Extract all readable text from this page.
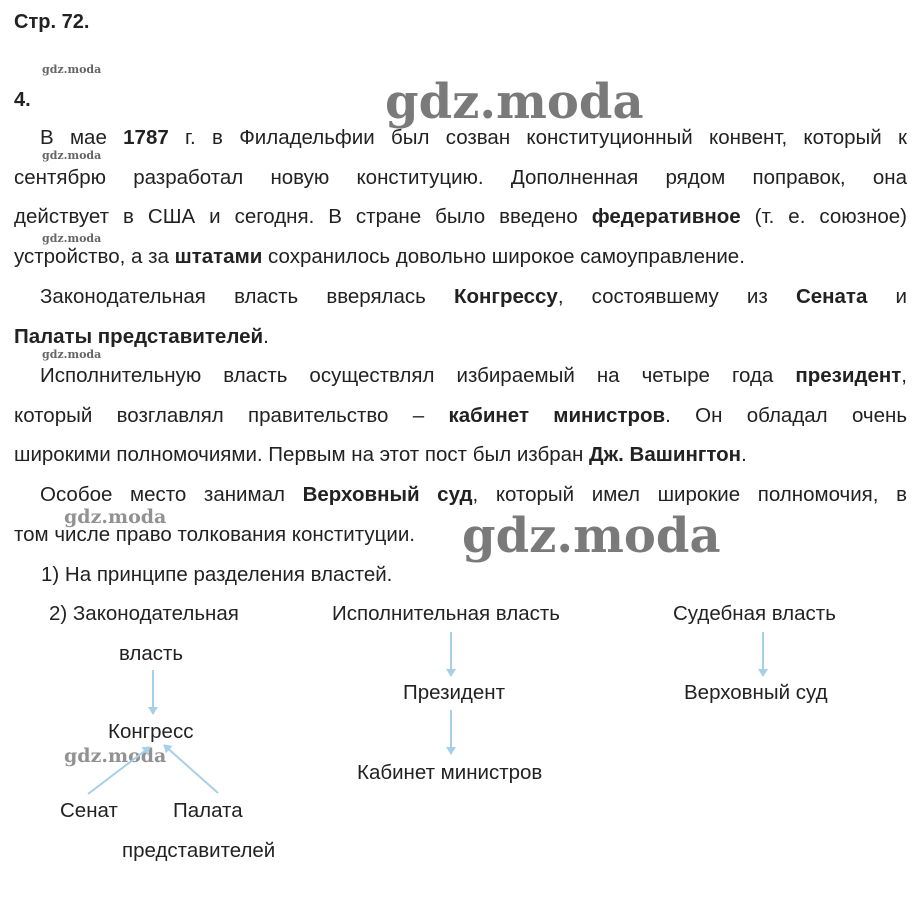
Стр. 72.
gdz.moda
4.	gdz.moda
В мае 1787 г. в Филадельфии был созван конституционный конвент, который к
сентябрю разработал новую конституцию. Дополненная рядом поправок, она
действует в США и сегодня. В стране было введено федеративное (т. е. союзное)
устройство, а за штатами сохранилось довольно широкое самоуправление.
gdz.moda
gdz.moda
Законодательная власть вверялась Конгрессу, состоявшему из Сената и
Палаты представителей.
gdz.moda
Исполнительную власть осуществлял избираемый на четыре года президент,
который возглавлял правительство – кабинет министров. Он обладал очень
широкими полномочиями. Первым на этот пост был избран Дж. Вашингтон.
Особое место занимал Верховный суд, который имел широкие полномочия, в
том числе право толкования конституции.
gdz.moda	gdz.moda
1) На принципе разделения властей.
2) Законодательная
власть
Конгресс
Сенат	Палата
представителей
Исполнительная власть
Президент
Кабинет министров
Судебная власть
Верховный суд
gdz.moda
